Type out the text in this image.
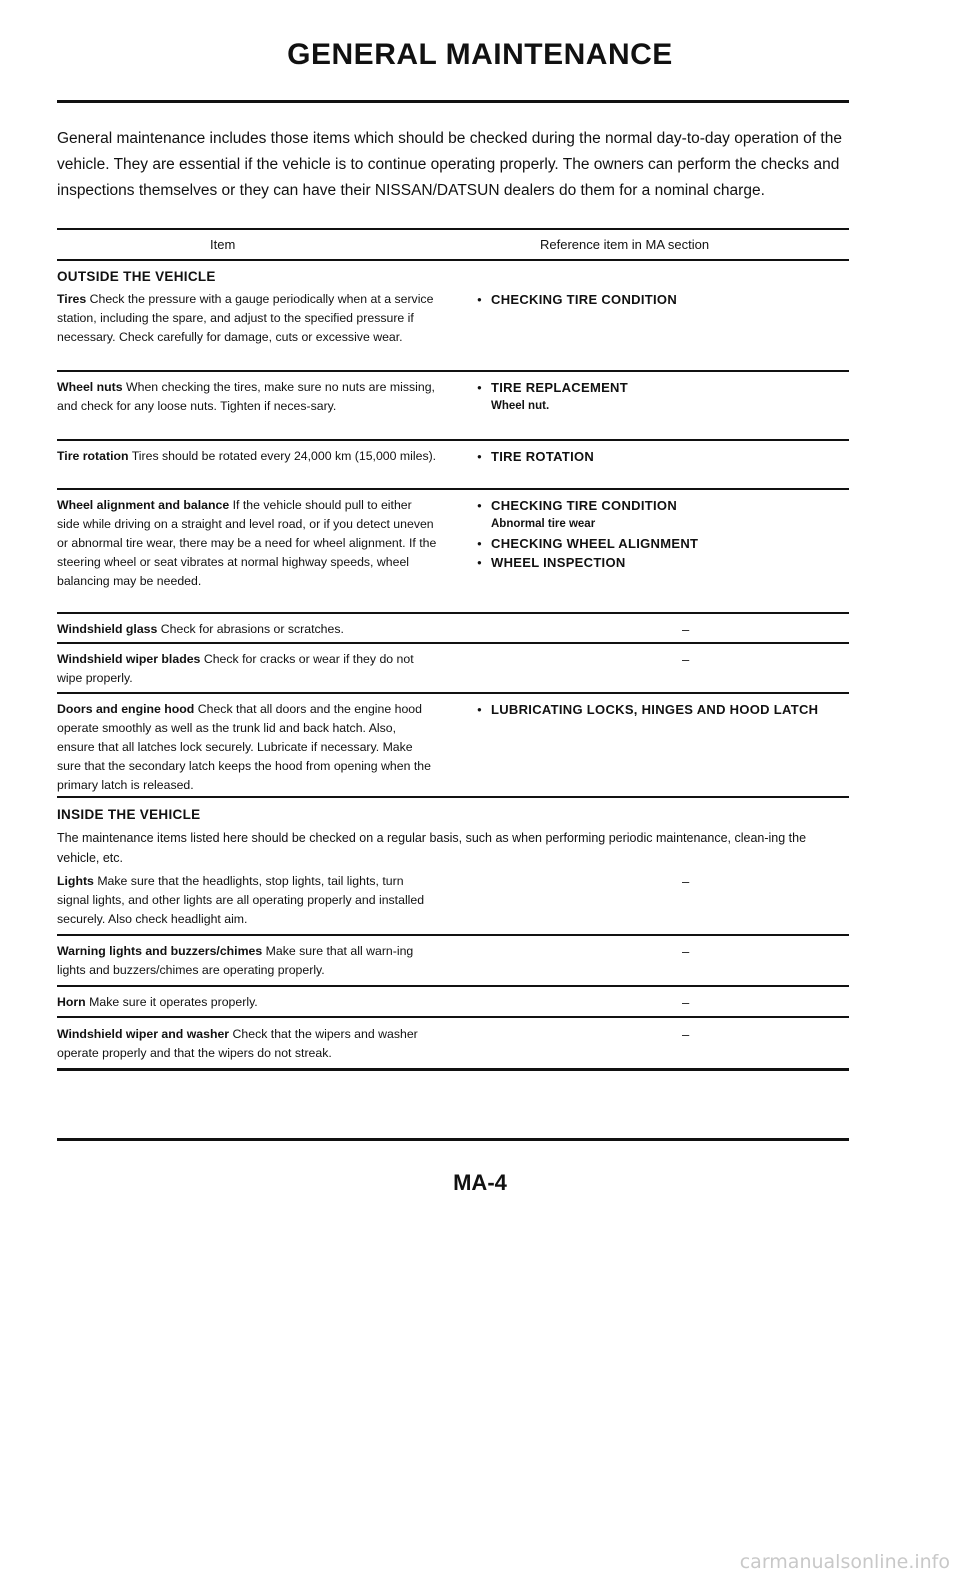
GENERAL MAINTENANCE

General maintenance includes those items which should be checked during the normal day-to-day operation of the vehicle. They are essential if the vehicle is to continue operating properly. The owners can perform the checks and inspections themselves or they can have their NISSAN/DATSUN dealers do them for a nominal charge.

Item	Reference item in MA section
OUTSIDE THE VEHICLE
Tires Check the pressure with a gauge periodically when at a service station, including the spare, and adjust to the specified pressure if necessary. Check carefully for damage, cuts or excessive wear.
● CHECKING TIRE CONDITION
Wheel nuts When checking the tires, make sure no nuts are missing, and check for any loose nuts. Tighten if neces-sary.
● TIRE REPLACEMENT
Wheel nut.
Tire rotation Tires should be rotated every 24,000 km (15,000 miles).
●	TIRE ROTATION
Wheel alignment and balance If the vehicle should pull to either side while driving on a straight and level road, or if you detect uneven or abnormal tire wear, there may be a need for wheel alignment. If the steering wheel or seat vibrates at normal highway speeds, wheel balancing may be needed.
● CHECKING TIRE CONDITION
Abnormal tire wear
● CHECKING WHEEL ALIGNMENT
● WHEEL INSPECTION
Windshield glass Check for abrasions or scratches.	–
Windshield wiper blades Check for cracks or wear if they do not wipe properly.
–
Doors and engine hood Check that all doors and the engine hood operate smoothly as well as the trunk lid and back hatch. Also, ensure that all latches lock securely. Lubricate if necessary. Make sure that the secondary latch keeps the hood from opening when the primary latch is released.
● LUBRICATING LOCKS, HINGES AND HOOD LATCH
INSIDE THE VEHICLE

The maintenance items listed here should be checked on a regular basis, such as when performing periodic maintenance, clean-ing the vehicle, etc.

Lights Make sure that the headlights, stop lights, tail lights, turn signal lights, and other lights are all operating properly and installed securely. Also check headlight aim.
–
Warning lights and buzzers/chimes Make sure that all warn-ing lights and buzzers/chimes are operating properly.
–
Horn Make sure it operates properly.	–
Windshield wiper and washer Check that the wipers and washer operate properly and that the wipers do not streak.
–
MA-4
carmanualsonline.info
